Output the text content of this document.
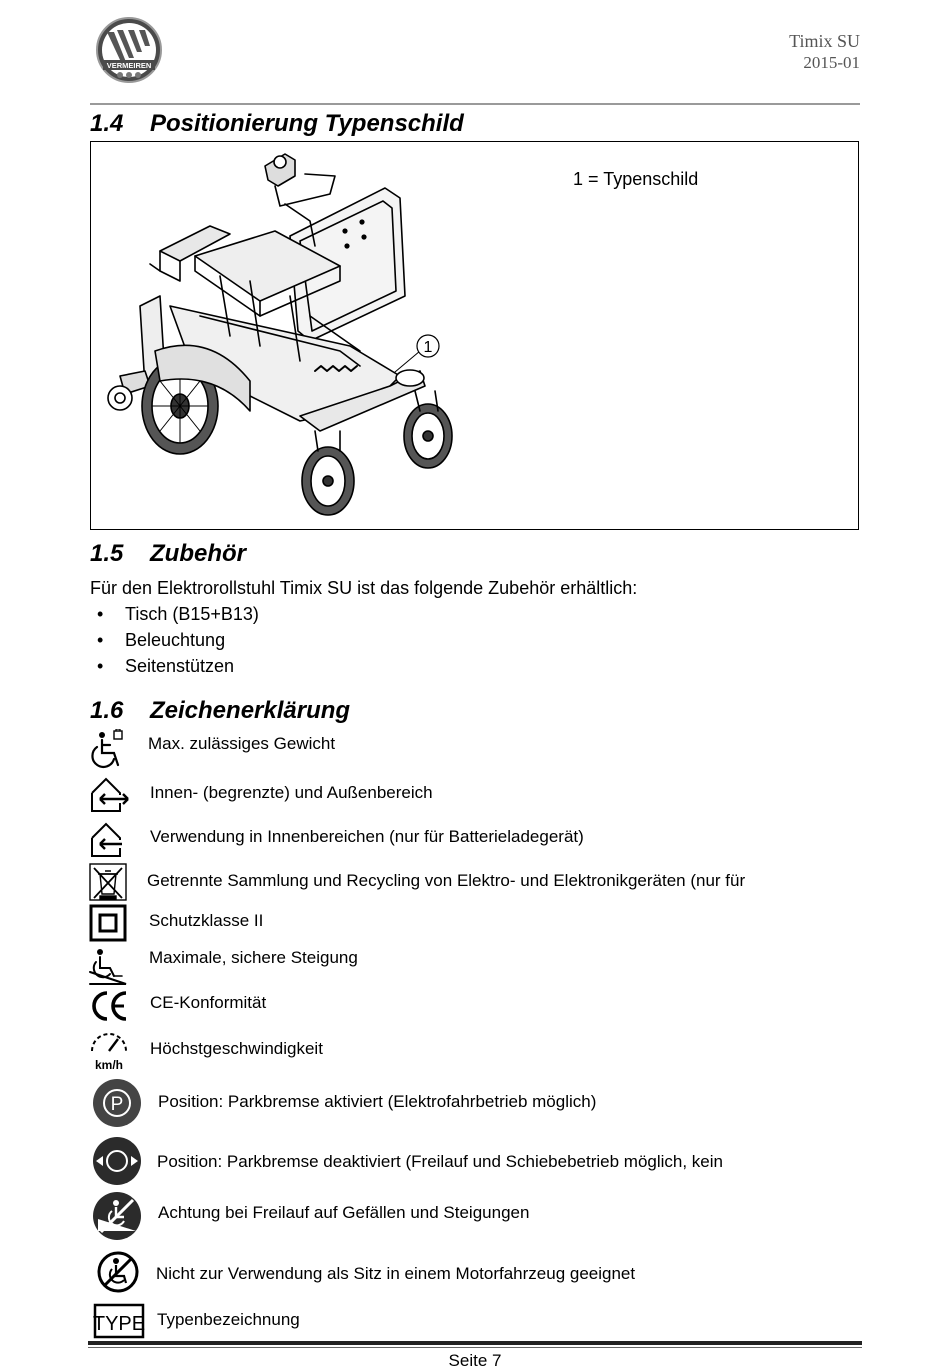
VERMEIREN
Timix SU
2015-01
1.4 Positionierung Typenschild
1 = Typenschild
1
1.5 Zubehör
Für den Elektrorollstuhl Timix SU ist das folgende Zubehör erhältlich:
• Tisch (B15+B13)
• Beleuchtung
• Seitenstützen
1.6 Zeichenerklärung
Max. zulässiges Gewicht
Innen- (begrenzte) und Außenbereich
Verwendung in Innenbereichen (nur für Batterieladegerät)
Getrennte Sammlung und Recycling von Elektro- und Elektronikgeräten (nur für
Schutzklasse II
Maximale, sichere Steigung
CE-Konformität
km/h
Höchstgeschwindigkeit
P Position: Parkbremse aktiviert (Elektrofahrbetrieb möglich)
Position: Parkbremse deaktiviert (Freilauf und Schiebebetrieb möglich, kein
Achtung bei Freilauf auf Gefällen und Steigungen
Nicht zur Verwendung als Sitz in einem Motorfahrzeug geeignet
TYPE Typenbezeichnung
Seite 7
